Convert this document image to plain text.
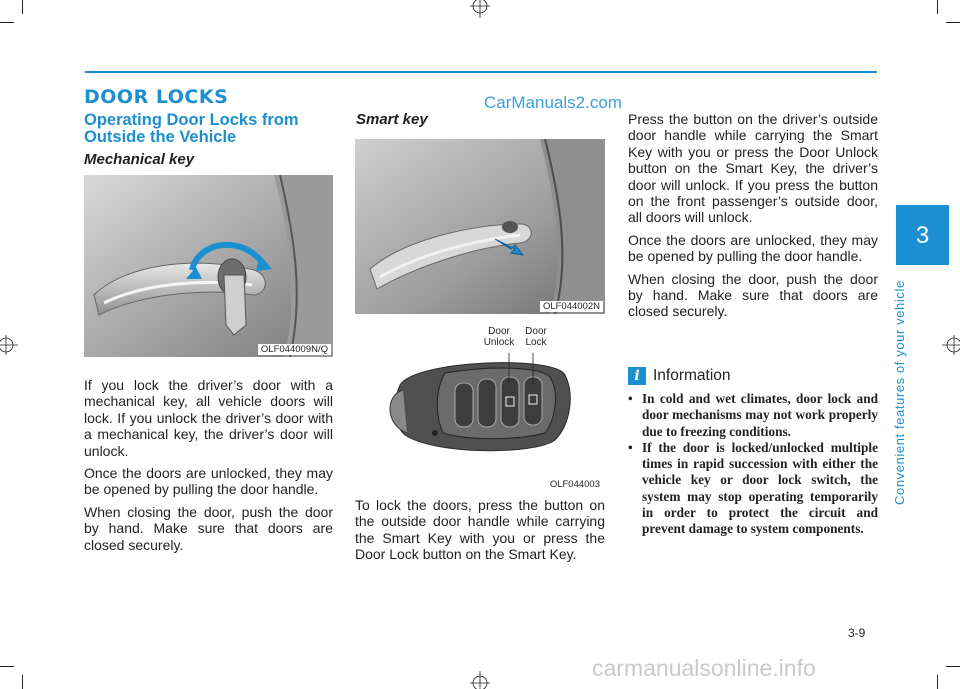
DOOR LOCKS	CarManuals2.com
Operating Door Locks from Outside the Vehicle
Mechanical key
OLF044009N/Q

If you lock the driver’s door with a mechanical key, all vehicle doors will lock. If you unlock the driver’s door with a mechanical key, the driver’s door will unlock.

Once the doors are unlocked, they may be opened by pulling the door handle.

When closing the door, push the door by hand. Make sure that doors are closed securely.

Smart key
OLF044002N
Door Unlock
Door Lock
OLF044003
To lock the doors, press the button on the outside door handle while carrying the Smart Key with you or press the Door Lock button on the Smart Key.

Press the button on the driver’s outside door handle while carrying the Smart Key with you or press the Door Unlock button on the Smart Key, the driver’s door will unlock. If you press the button on the front passenger’s outside door, all doors will unlock.

Once the doors are unlocked, they may be opened by pulling the door handle.

When closing the door, push the door by hand. Make sure that doors are closed securely.

i Information
• In cold and wet climates, door lock and door mechanisms may not work properly due to freezing conditions.
• If the door is locked/unlocked multiple times in rapid succession with either the vehicle key or door lock switch, the system may stop operating temporarily in order to protect the circuit and prevent damage to system components.
3
Convenient features of your vehicle
3-9
carmanualsonline.info
